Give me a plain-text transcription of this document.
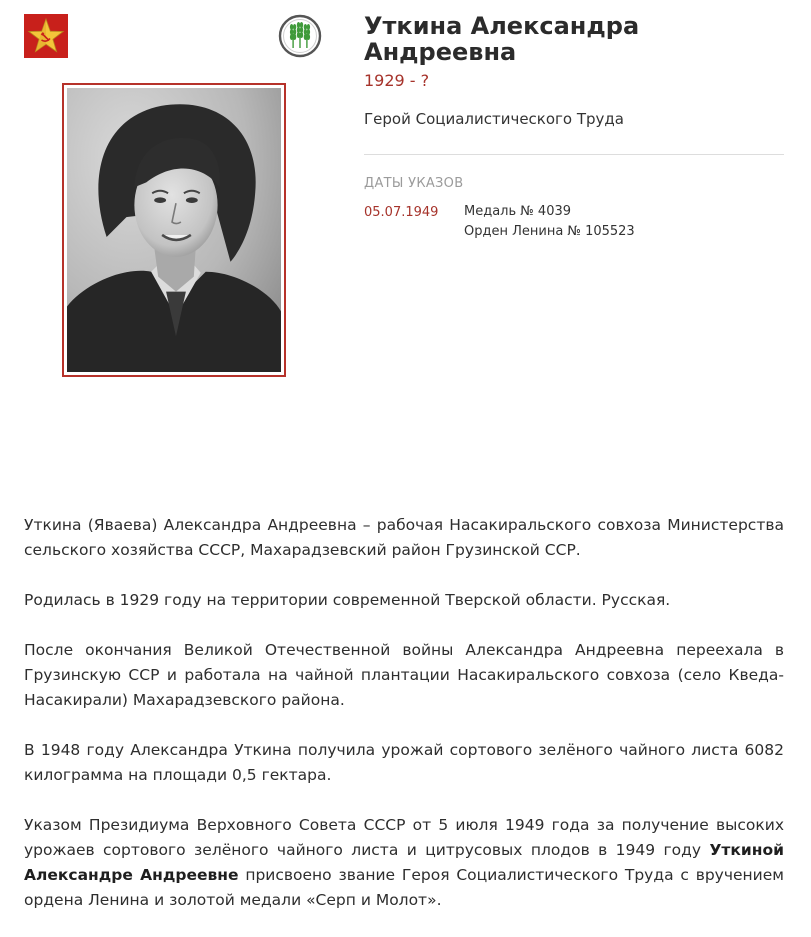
Уткина Александра
Андреевна
1929 - ?
Герой Социалистического Труда
ДАТЫ УКАЗОВ
05.07.1949	Медаль № 4039
Орден Ленина № 105523

Уткина (Яваева) Александра Андреевна – рабочая Насакиральского совхоза Министерства сельского хозяйства СССР, Махарадзевский район Грузинской ССР.

Родилась в 1929 году на территории современной Тверской области. Русская.

После окончания Великой Отечественной войны Александра Андреевна переехала в Грузинскую ССР и работала на чайной плантации Насакиральского совхоза (село Кведа-Насакирали) Махарадзевского района.

В 1948 году Александра Уткина получила урожай сортового зелёного чайного листа 6082 килограмма на площади 0,5 гектара.

Указом Президиума Верховного Совета СССР от 5 июля 1949 года за получение высоких урожаев сортового зелёного чайного листа и цитрусовых плодов в 1949 году Уткиной Александре Андреевне присвоено звание Героя Социалистического Труда с вручением ордена Ленина и золотой медали «Серп и Молот».
